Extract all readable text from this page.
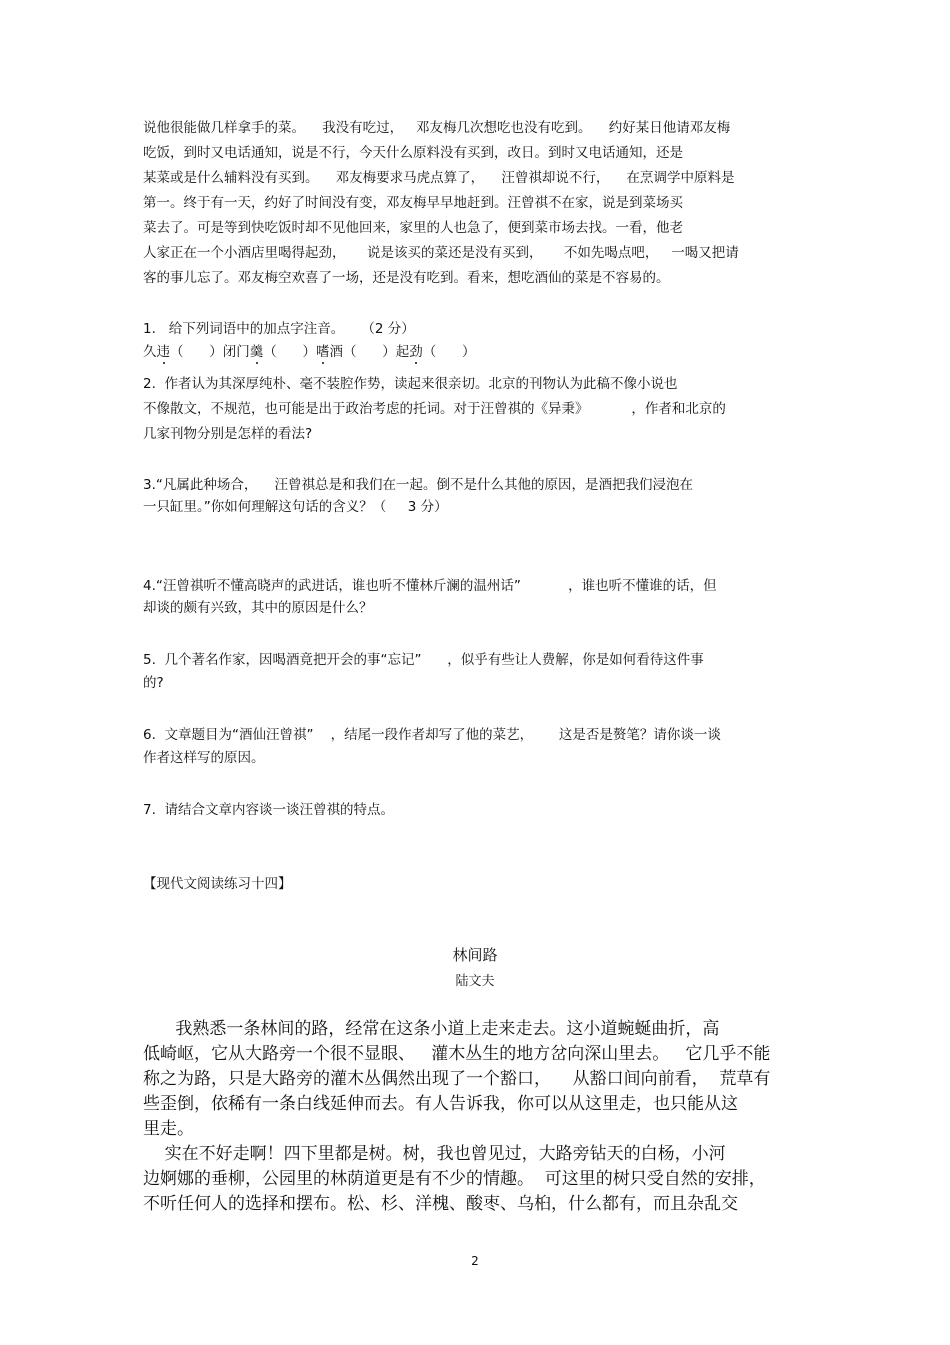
说他很能做几样拿手的菜。    我没有吃过，   邓友梅几次想吃也没有吃到。    约好某日他请邓友梅
吃饭，到时又电话通知，说是不行，今天什么原料没有买到，改日。到时又电话通知，还是
某菜或是什么辅料没有买到。    邓友梅要求马虎点算了，    汪曾祺却说不行，    在烹调学中原料是
第一。终于有一天，约好了时间没有变，邓友梅早早地赶到。汪曾祺不在家，说是到菜场买
菜去了。可是等到快吃饭时却不见他回来，家里的人也急了，便到菜市场去找。一看，他老
人家正在一个小酒店里喝得起劲，     说是该买的菜还是没有买到，     不如先喝点吧，   一喝又把请
客的事儿忘了。邓友梅空欢喜了一场，还是没有吃到。看来，想吃酒仙的菜是不容易的。
1.   给下列词语中的加点字注音。    （2 分）
久违（      ）闭门羹（      ）嗜酒（      ）起劲（      ）
2.  作者认为其深厚纯朴、毫不装腔作势，读起来很亲切。北京的刊物认为此稿不像小说也
不像散文，不规范，也可能是出于政治考虑的托词。对于汪曾祺的《异秉》          ，作者和北京的
几家刊物分别是怎样的看法?
3.“凡属此种场合，    汪曾祺总是和我们在一起。倒不是什么其他的原因，是酒把我们浸泡在
一只缸里。”你如何理解这句话的含义？（     3 分）
4.“汪曾祺听不懂高晓声的武进话，谁也听不懂林斤澜的温州话”           ，谁也听不懂谁的话，但
却谈的颇有兴致，其中的原因是什么？
5.  几个著名作家，因喝酒竟把开会的事“忘记”      ，似乎有些让人费解，你是如何看待这件事
的?
6.  文章题目为“酒仙汪曾祺”    ，结尾一段作者却写了他的菜艺，      这是否是赘笔？请你谈一谈
作者这样写的原因。
7.  请结合文章内容谈一谈汪曾祺的特点。
【现代文阅读练习十四】
林间路
陆文夫
我熟悉一条林间的路，经常在这条小道上走来走去。这小道蜿蜒曲折，高
低崎岖，它从大路旁一个很不显眼、   灌木丛生的地方岔向深山里去。   它几乎不能
称之为路，只是大路旁的灌木丛偶然出现了一个豁口，    从豁口间向前看，  荒草有
些歪倒，依稀有一条白线延伸而去。有人告诉我，你可以从这里走，也只能从这
里走。
实在不好走啊！四下里都是树。树，我也曾见过，大路旁钻天的白杨，小河
边婀娜的垂柳，公园里的林荫道更是有不少的情趣。  可这里的树只受自然的安排，
不听任何人的选择和摆布。松、杉、洋槐、酸枣、乌桕，什么都有，而且杂乱交
2
